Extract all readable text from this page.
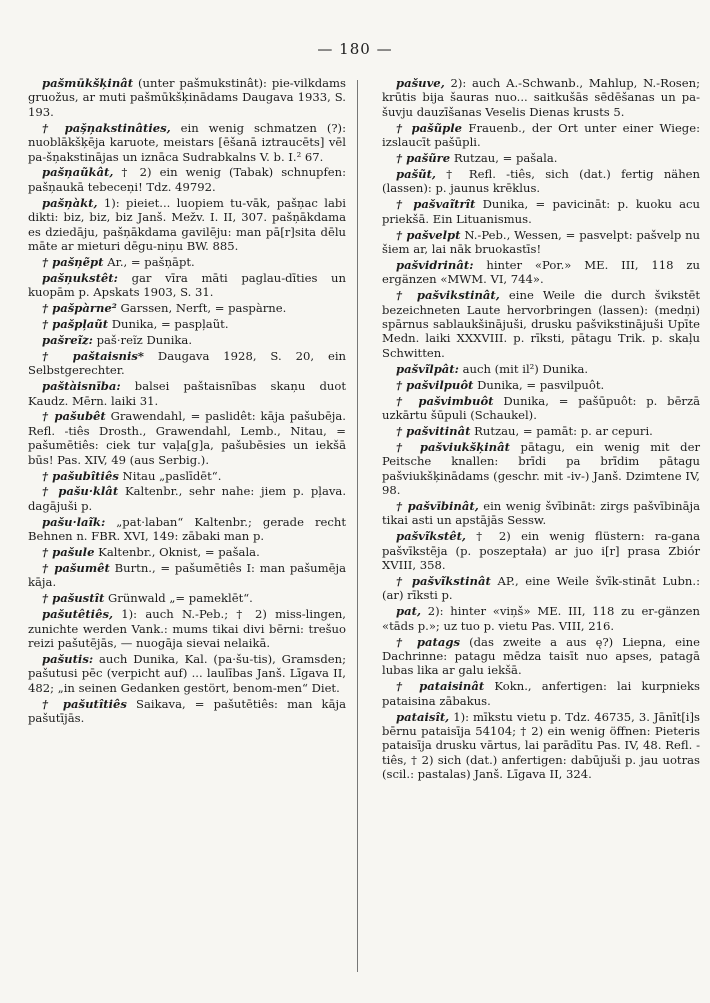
— 180 —

pašmūkšķinât (unter pašmukstinât): pie-vilkdams gruožus, ar muti pašmūkšķinādams Daugava 1933, S. 193.

† paș̌ņakstinâties, ein wenig schmatzen (?): nuoblākšķēja karuote, meistars [ēšanā iztraucēts] vēl pa-šņakstinājas un iznāca Sudrabkalns V. b. I.² 67.

pašņaũkât, † 2) ein wenig (Tabak) schnupfen: pašņaukā tebeceņi! Tdz. 49792.

pašņàkt, 1): pieiet... luopiem tu-vāk, pašņac labi dikti: biz, biz, biz Janš. Mežv. I. II, 307. pašņākdama es dziedāju, pašņākdama gavilēju: man pā[r]sita dēlu māte ar mieturi dēgu-niņu BW. 885.

† pašņẽpt Ar., = pašņāpt.

pašņukstêt: gar vīra māti paglau-dīties un kuopām p. Apskats 1903, S. 31.

† pašpàrne² Garssen, Nerft, = paspàrne.

† pašpļaũt Dunika, = paspļaũt.

pašreĩz: paš·reĩz Dunika.

† paštaisnis* Daugava 1928, S. 20, ein Selbstgerechter.

paštàisnība: balsei paštaisnības skaņu duot Kaudz. Mērn. laiki 31.

† pašubêt Grawendahl, = paslidêt: kāja pašubēja. Refl. -tiês Drosth., Grawendahl, Lemb., Nitau, = pašumētiês: ciek tur vaļa[g]a, pašubēsies un iekšā būs! Pas. XIV, 49 (aus Serbig.).

† pašubîtiês Nitau „paslīdēt“.

† pašu·klât Kaltenbr., sehr nahe: jiem p. pļava. dagājuši p.

pašu·laĩk: „pat·laban“ Kaltenbr.; gerade recht Behnen n. FBR. XVI, 149: zābaki man p.

† pašule Kaltenbr., Oknist, = pašala.

† pašumêt Burtn., = pašumētiês I: man pašumēja kāja.

† pašustît Grünwald „= pameklēt“.

pašutêtiês, 1): auch N.-Peb.; † 2) miss-lingen, zunichte werden Vank.: mums tikai divi bērni: trešuo reizi pašutējās, — nuogāja sievai nelaikā.

pašutis: auch Dunika, Kal. (pa·šu-tis), Gramsden; pašutusi pēc (verpicht auf) ... laulības Janš. Līgava II, 482; „in seinen Gedanken gestört, benom-men“ Diet.

† pašutîtiês Saikava, = pašutētiês: man kāja pašutījās.

pašuve, 2): auch A.-Schwanb., Mahlup, N.-Rosen; krūtis bija šauras nuo... saitkušās sēdēšanas un pa-šuvju dauzīšanas Veselis Dienas krusts 5.

† pašũple Frauenb., der Ort unter einer Wiege: izslaucīt pašūpli.

† pašũre Rutzau, = pašala.

pašũt, † Refl. -tiês, sich (dat.) fertig nähen (lassen): p. jaunus krēklus.

† pašvaĩtrît Dunika, = pavicināt: p. kuoku acu priekšā. Ein Lituanismus.

† pašvelpt N.-Peb., Wessen, = pasvelpt: pašvelp nu šiem ar, lai nāk bruokastīs!

pašvidrinât: hinter «Por.» ME. III, 118 zu ergänzen «MWM. VI, 744».

† pašvikstinât, eine Weile die durch švikstēt bezeichneten Laute hervorbringen (lassen): (medņi) spārnus sablaukšinājuši, drusku pašvikstinājuši Upīte Medn. laiki XXXVIII. p. rīksti, pātagu Trik. p. skaļu Schwitten.

pašvĩlpât: auch (mit il²) Dunika.

† pašvilpuôt Dunika, = pasvilpuôt.

† pašvimbuôt Dunika, = pašūpuôt: p. bērzā uzkārtu šūpuli (Schaukel).

† pašvitinât Rutzau, = pamāt: p. ar cepuri.

† pašviukšķinât pātagu, ein wenig mit der Peitsche knallen: brīdi pa brīdim pātagu pašviukšķinādams (geschr. mit -iv-) Janš. Dzimtene IV, 98.

† pašvībinât, ein wenig švībināt: zirgs pašvībināja tikai asti un apstājās Sessw.

pašvĩkstêt, † 2) ein wenig flüstern: ra-gana pašvīkstēja (p. poszeptała) ar juo i[r] prasa Zbiór XVIII, 358.

† pašvĩkstinât AP., eine Weile švīk-stināt Lubn.: (ar) rīksti p.

pat, 2): hinter «viņš» ME. III, 118 zu er-gänzen «tāds p.»; uz tuo p. vietu Pas. VIII, 216.

† patags (das zweite a aus ę?) Liepna, eine Dachrinne: patagu mēdza taisīt nuo apses, patagā lubas lika ar galu iekšā.

† pataisinât Kokn., anfertigen: lai kurpnieks pataisina zābakus.

pataisît, 1): mīkstu vietu p. Tdz. 46735, 3. Jānīt[i]s bērnu pataisīja 54104; † 2) ein wenig öffnen: Pieteris pataisīja drusku vārtus, lai parādītu Pas. IV, 48. Refl. -tiês, † 2) sich (dat.) anfertigen: dabūjuši p. jau uotras (scil.: pastalas) Janš. Līgava II, 324.
